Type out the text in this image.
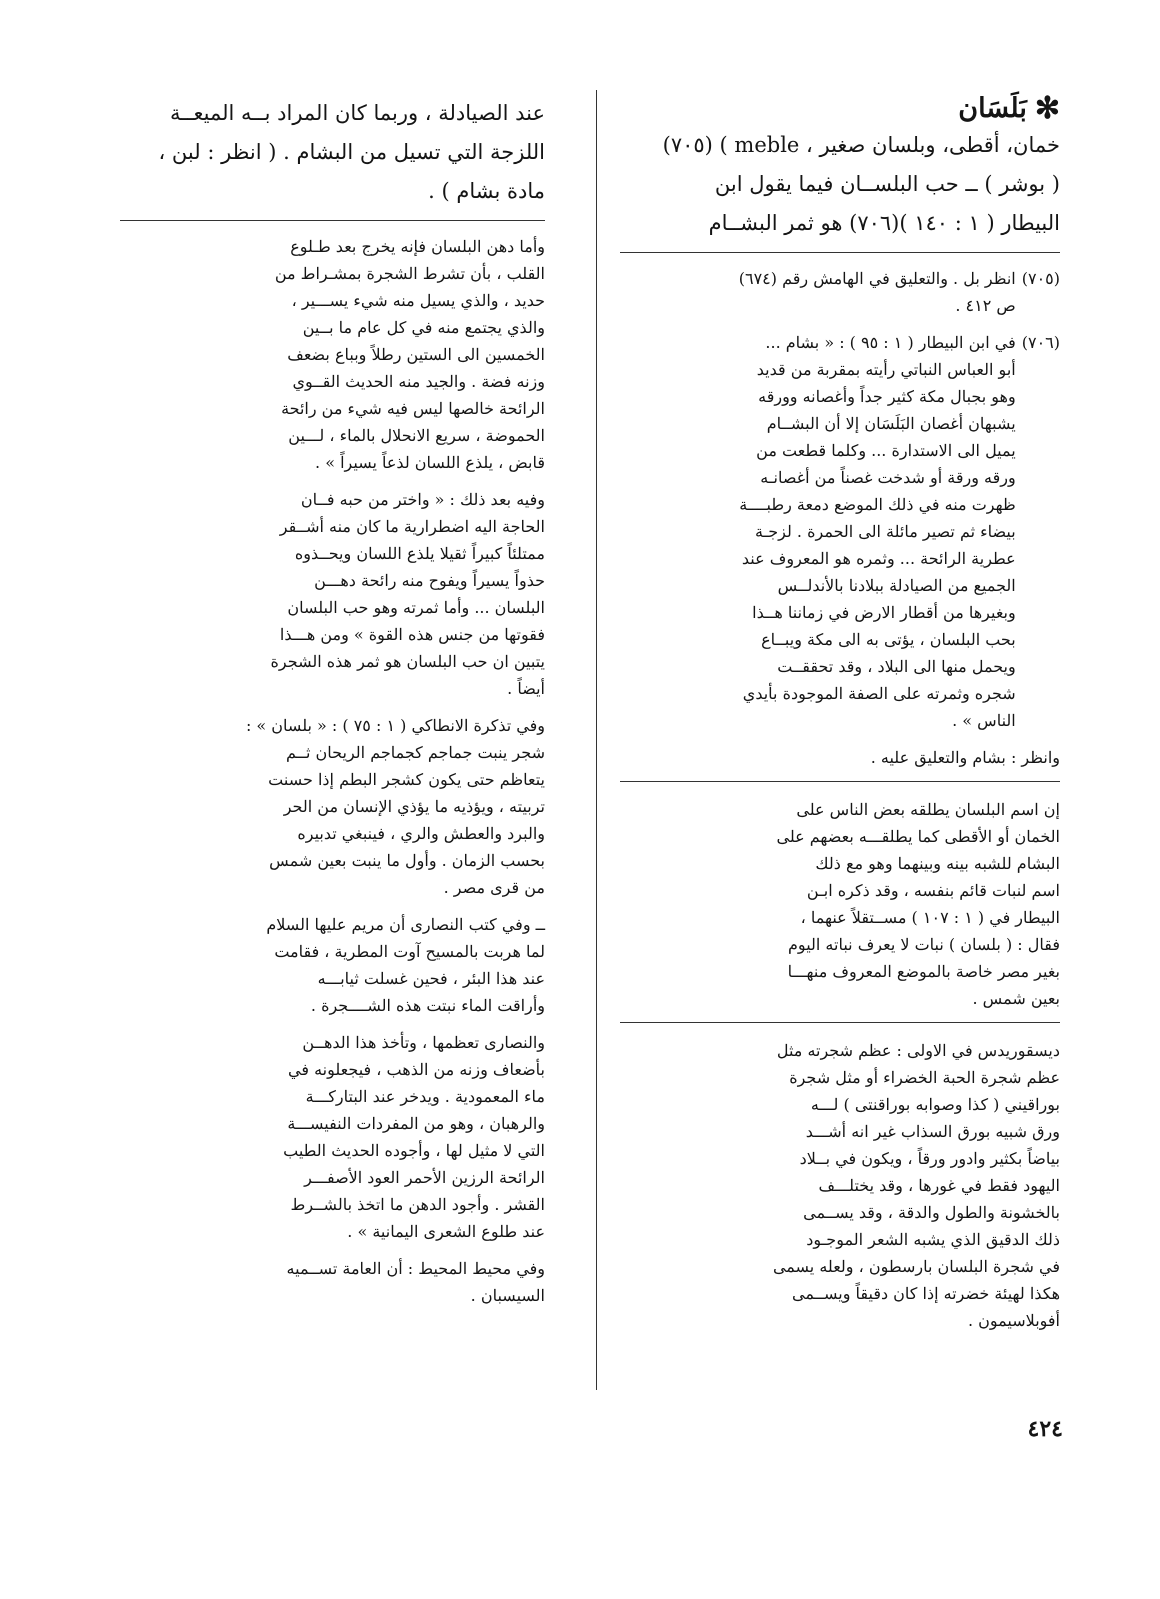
✻
بَلَسَان
خمان، أقطى، وبلسان صغير ، meble ) (٧٠٥)
( بوشر ) ــ حب البلســان فيما يقول ابن
البيطار ( ١ : ١٤٠ )(٧٠٦) هو ثمر البشــام
(٧٠٥)
انظر بل . والتعليق في الهامش رقم (٦٧٤)
ص ٤١٢ .
(٧٠٦)
في ابن البيطار ( ١ : ٩٥ ) : « بشام ...
أبو العباس النباتي رأيته بمقربة من قديد
وهو بجبال مكة كثير جداً وأغصانه وورقه
يشبهان أغصان البَلَسَان إلا أن البشــام
يميل الى الاستدارة ... وكلما قطعت من
ورقه ورقة أو شدخت غصناً من أغصانـه
ظهرت منه في ذلك الموضع دمعة رطبــــة
بيضاء ثم تصير مائلة الى الحمرة . لزجـة
عطرية الرائحة ... وثمره هو المعروف عند
الجميع من الصيادلة ببلادنا بالأندلــس
وبغيرها من أقطار الارض في زماننا هــذا
بحب البلسان ، يؤتى به الى مكة ويبــاع
ويحمل منها الى البلاد ، وقد تحققــت
شجره وثمرته على الصفة الموجودة بأيدي
الناس » .
وانظر : بشام والتعليق عليه .
إن اسم البلسان يطلقه بعض الناس على
الخمان أو الأقطى كما يطلقـــه بعضهم على
البشام للشبه بينه وبينهما وهو مع ذلك
اسم لنبات قائم بنفسه ، وقد ذكره ابـن
البيطار في ( ١ : ١٠٧ ) مســتقلاً عنهما ،
فقال : ( بلسان ) نبات لا يعرف نباته اليوم
بغير مصر خاصة بالموضع المعروف منهـــا
بعين شمس .
ديسقوريدس في الاولى : عظم شجرته مثل
عظم شجرة الحبة الخضراء أو مثل شجرة
بوراقيني ( كذا وصوابه بوراقنتى ) لـــه
ورق شبيه بورق السذاب غير انه أشـــد
بياضاً بكثير وادور ورقاً ، ويكون في بــلاد
اليهود فقط في غورها ، وقد يختلـــف
بالخشونة والطول والدقة ، وقد يســمى
ذلك الدقيق الذي يشبه الشعر الموجـود
في شجرة البلسان بارسطون ، ولعله يسمى
هكذا لهيئة خضرته إذا كان دقيقاً ويســمى
أفوبلاسيمون .
عند الصيادلة ، وربما كان المراد بــه الميعــة
اللزجة التي تسيل من البشام . ( انظر : لبن ،
مادة بشام ) .
وأما دهن البلسان فإنه يخرج بعد طـلوع
القلب ، بأن تشرط الشجرة بمشـراط من
حديد ، والذي يسيل منه شيء يســـير ،
والذي يجتمع منه في كل عام ما بــين
الخمسين الى الستين رطلاً وبباع بضعف
وزنه فضة . والجيد منه الحديث القــوي
الرائحة خالصها ليس فيه شيء من رائحة
الحموضة ، سريع الانحلال بالماء ، لـــين
قابض ، يلذع اللسان لذعاً يسيراً » .
وفيه بعد ذلك : « واختر من حبه فــان
الحاجة اليه اضطرارية ما كان منه أشــقر
ممتلئاً كبيراً ثقيلا يلذع اللسان ويحــذوه
حذواً يسيراً ويفوح منه رائحة دهـــن
البلسان ... وأما ثمرته وهو حب البلسان
فقوتها من جنس هذه القوة » ومن هـــذا
يتبين ان حب البلسان هو ثمر هذه الشجرة
أيضاً .
وفي تذكرة الانطاكي ( ١ : ٧٥ ) : « بلسان » :
شجر ينبت جماجم كجماجم الريحان ثــم
يتعاظم حتى يكون كشجر البطم إذا حسنت
تربيته ، ويؤذيه ما يؤذي الإنسان من الحر
والبرد والعطش والري ، فينبغي تدبيره
بحسب الزمان . وأول ما ينبت بعين شمس
من قرى مصر .
ــ وفي كتب النصارى أن مريم عليها السلام
لما هربت بالمسيح آوت المطرية ، فقامت
عند هذا البئر ، فحين غسلت ثيابـــه
وأراقت الماء نبتت هذه الشــــجرة .
والنصارى تعظمها ، وتأخذ هذا الدهــن
بأضعاف وزنه من الذهب ، فيجعلونه في
ماء المعمودية . ويدخر عند البتاركـــة
والرهبان ، وهو من المفردات النفيســـة
التي لا مثيل لها ، وأجوده الحديث الطيب
الرائحة الرزين الأحمر العود الأصفـــر
القشر . وأجود الدهن ما اتخذ بالشــرط
عند طلوع الشعرى اليمانية » .
وفي محيط المحيط : أن العامة تســميه
السيسبان .
٤٢٤
